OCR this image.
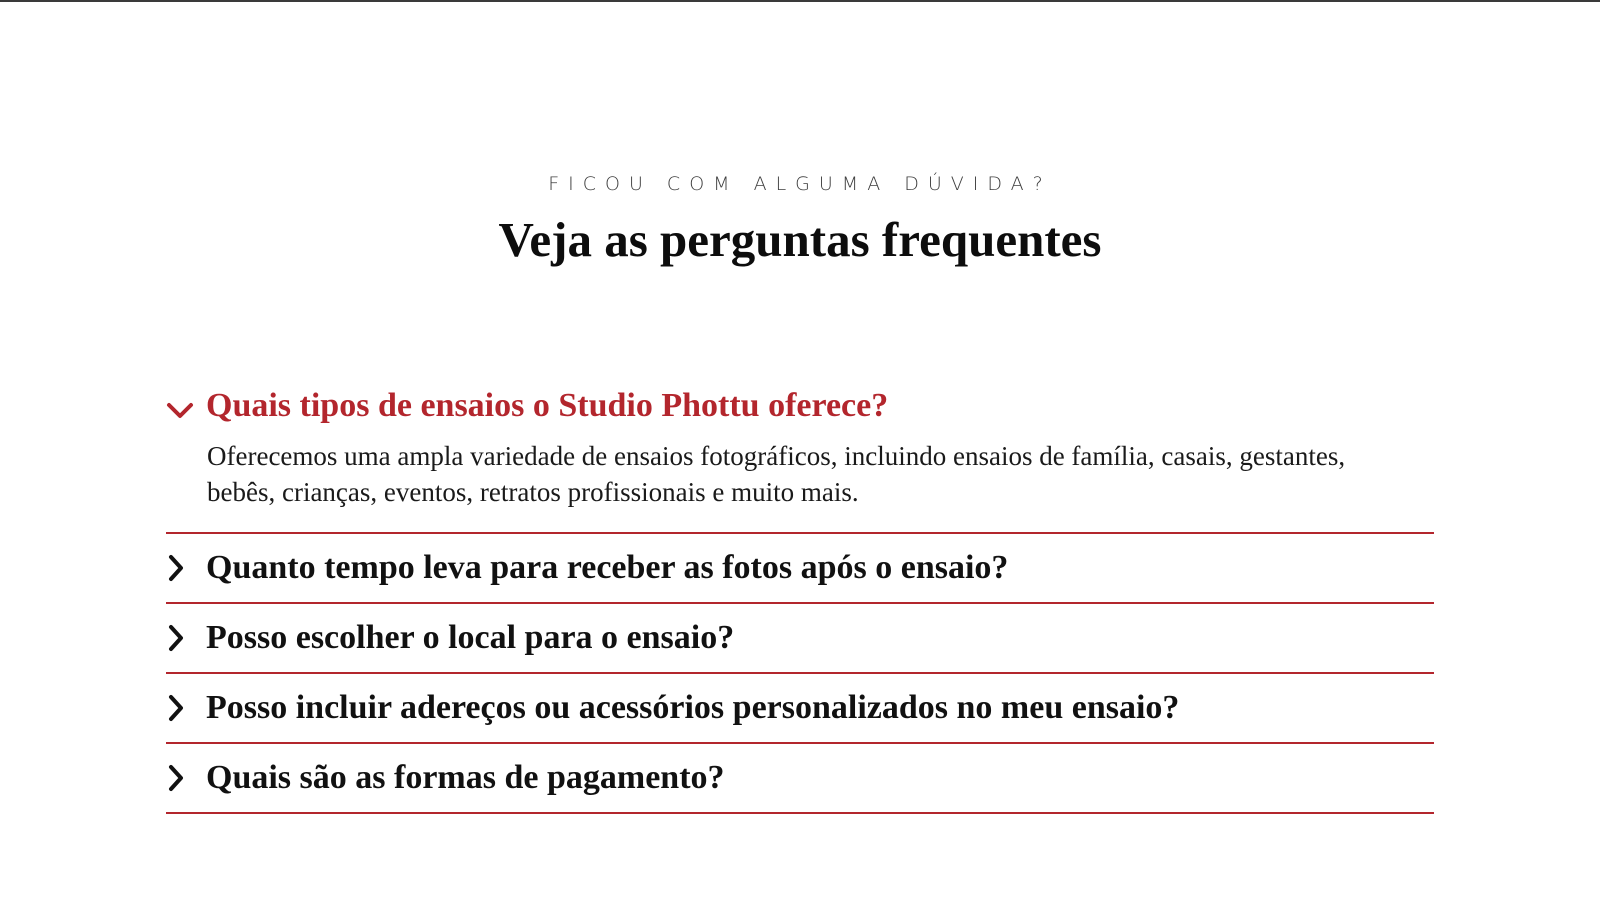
FICOU COM ALGUMA DÚVIDA?
Veja as perguntas frequentes
Quais tipos de ensaios o Studio Phottu oferece?
Oferecemos uma ampla variedade de ensaios fotográficos, incluindo ensaios de família, casais, gestantes, bebês, crianças, eventos, retratos profissionais e muito mais.
Quanto tempo leva para receber as fotos após o ensaio?
Posso escolher o local para o ensaio?
Posso incluir adereços ou acessórios personalizados no meu ensaio?
Quais são as formas de pagamento?
